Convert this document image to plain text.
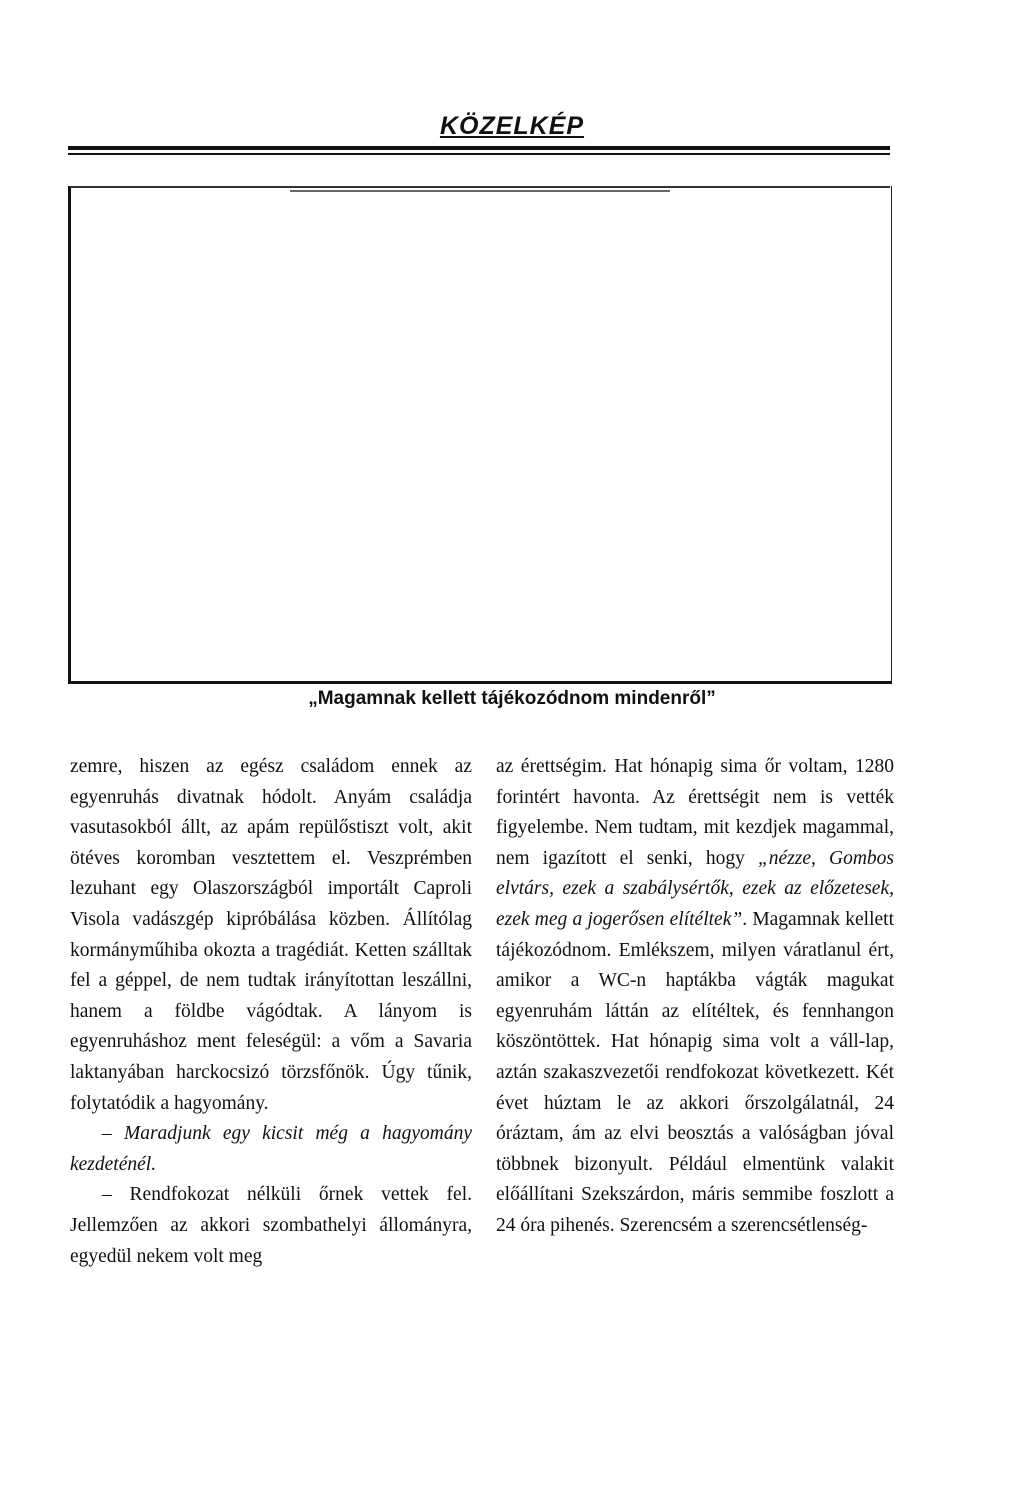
KÖZELKÉP
„Magamnak kellett tájékozódnom mindenről”

zemre, hiszen az egész családom ennek az egyenruhás divatnak hódolt. Anyám családja vasutasokból állt, az apám repülőstiszt volt, akit ötéves koromban vesztettem el. Veszprémben lezuhant egy Olaszországból importált Caproli Visola vadászgép kipróbálása közben. Állítólag kormányműhiba okozta a tragédiát. Ketten szálltak fel a géppel, de nem tudtak irányítottan leszállni, hanem a földbe vágódtak. A lányom is egyenruháshoz ment feleségül: a vőm a Savaria laktanyában harckocsizó törzsfőnök. Úgy tűnik, folytatódik a hagyomány.

– Maradjunk egy kicsit még a hagyomány kezdeténél.

– Rendfokozat nélküli őrnek vettek fel. Jellemzően az akkori szombathelyi állományra, egyedül nekem volt meg

az érettségim. Hat hónapig sima őr voltam, 1280 forintért havonta. Az érettségit nem is vették figyelembe. Nem tudtam, mit kezdjek magammal, nem igazított el senki, hogy „nézze, Gombos elvtárs, ezek a szabálysértők, ezek az előzetesek, ezek meg a jogerősen elítéltek”. Magamnak kellett tájékozódnom. Emlékszem, milyen váratlanul ért, amikor a WC-n haptákba vágták magukat egyenruhám láttán az elítéltek, és fennhangon köszöntöttek. Hat hónapig sima volt a váll-lap, aztán szakaszvezetői rendfokozat következett. Két évet húztam le az akkori őrszolgálatnál, 24 óráztam, ám az elvi beosztás a valóságban jóval többnek bizonyult. Például elmentünk valakit előállítani Szekszárdon, máris semmibe foszlott a 24 óra pihenés. Szerencsém a szerencsétlenség-
